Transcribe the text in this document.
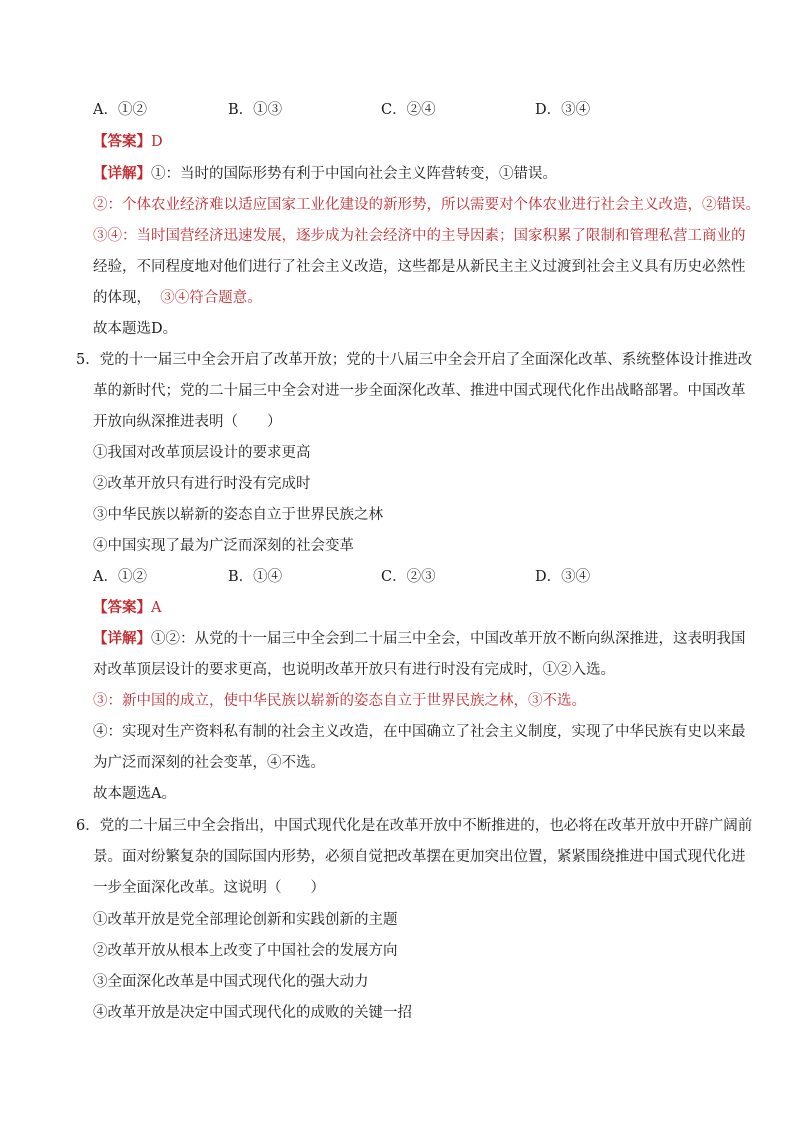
A．①②	B．①③	C．②④	D．③④
【答案】D
【详解】①：当时的国际形势有利于中国向社会主义阵营转变，①错误。
②：个体农业经济难以适应国家工业化建设的新形势，所以需要对个体农业进行社会主义改造，②错误。
③④：当时国营经济迅速发展，逐步成为社会经济中的主导因素；国家积累了限制和管理私营工商业的
经验，不同程度地对他们进行了社会主义改造，这些都是从新民主主义过渡到社会主义具有历史必然性
的体现， ③④符合题意。
故本题选D。
5．党的十一届三中全会开启了改革开放；党的十八届三中全会开启了全面深化改革、系统整体设计推进改
革的新时代；党的二十届三中全会对进一步全面深化改革、推进中国式现代化作出战略部署。中国改革
开放向纵深推进表明（　　）
①我国对改革顶层设计的要求更高
②改革开放只有进行时没有完成时
③中华民族以崭新的姿态自立于世界民族之林
④中国实现了最为广泛而深刻的社会变革
A．①②	B．①④	C．②③	D．③④
【答案】A
【详解】①②：从党的十一届三中全会到二十届三中全会，中国改革开放不断向纵深推进，这表明我国
对改革顶层设计的要求更高，也说明改革开放只有进行时没有完成时，①②入选。
③：新中国的成立，使中华民族以崭新的姿态自立于世界民族之林，③不选。
④：实现对生产资料私有制的社会主义改造，在中国确立了社会主义制度，实现了中华民族有史以来最
为广泛而深刻的社会变革，④不选。
故本题选A。
6．党的二十届三中全会指出，中国式现代化是在改革开放中不断推进的，也必将在改革开放中开辟广阔前
景。面对纷繁复杂的国际国内形势，必须自觉把改革摆在更加突出位置，紧紧围绕推进中国式现代化进
一步全面深化改革。这说明（　　）
①改革开放是党全部理论创新和实践创新的主题
②改革开放从根本上改变了中国社会的发展方向
③全面深化改革是中国式现代化的强大动力
④改革开放是决定中国式现代化的成败的关键一招
